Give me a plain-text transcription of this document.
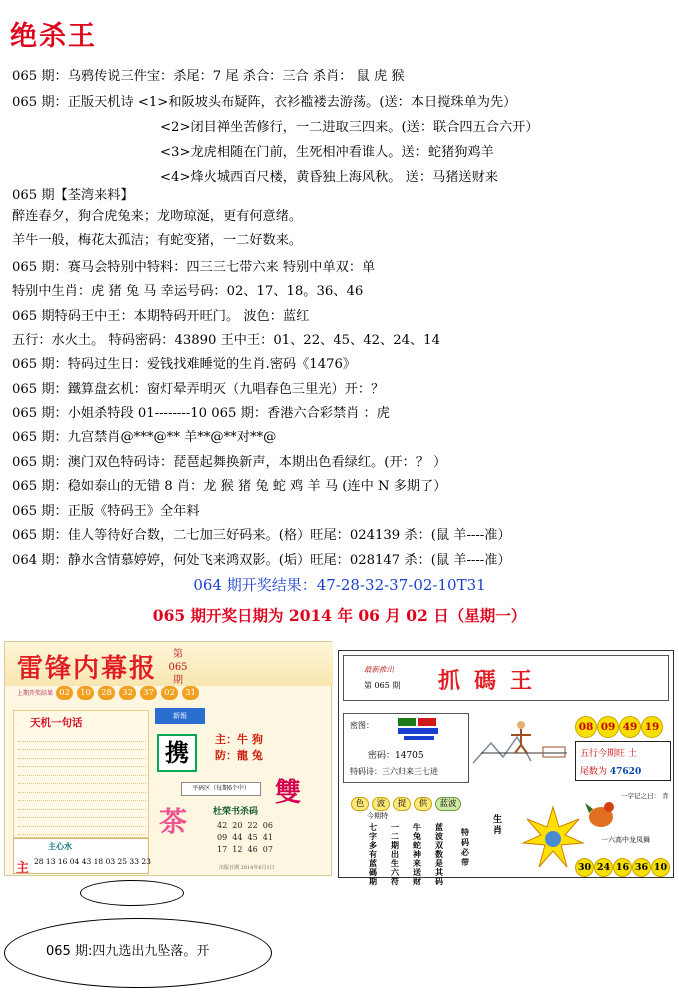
绝杀王
065 期：乌鸦传说三件宝：杀尾：7 尾 杀合：三合 杀肖： 鼠 虎 猴
065 期：正版天机诗 <1>和阪坡头布疑阵，衣衫褴褛去游荡。(送：本日搅珠单为先）
<2>闭目禅坐苦修行，一二进取三四来。(送：联合四五合六开）
<3>龙虎相随在门前，生死相冲看谁人。送：蛇猪狗鸡羊
<4>烽火城西百尺楼，黄昏独上海风秋。 送：马猪送财来
065 期【荃湾来料】
醉连春夕，狗合虎兔来；龙吻琼涎，更有何意绪。
羊牛一般，梅花太孤洁；有蛇变猪，一二好数来。
065 期：赛马会特别中特料：四三三七带六来 特别中单双：单
特别中生肖：虎 猪 兔 马 幸运号码：02、17、18。36、46
065 期特码王中王：本期特码开旺门。 波色：蓝红
五行：水火土。 特码密码：43890 王中王：01、22、45、42、24、14
065 期：特码过生日：爱钱找难睡觉的生肖.密码《1476》
065 期：鐵算盘玄机：窗灯晕弄明灭（九唱春色三里光）开：？
065 期：小姐杀特段 01--------10 065 期：香港六合彩禁肖 ：虎
065 期：九宫禁肖@***@** 羊**@**对**@
065 期：澳门双色特码诗：琵琶起舞换新声，本期出色看绿红。(开：？ ）
065 期：稳如泰山的无错 8 肖：龙 猴 猪 兔 蛇 鸡 羊 马 (连中 N 多期了）
065 期：正版《特码王》全年料
065 期：佳人等待好合数，二七加三好码来。(格）旺尾：024139 杀：(鼠 羊----准）
064 期：静水含情慕婷婷，何处飞来鸿双影。(垢）旺尾：028147 杀：(鼠 羊----准）
064 期开奖结果：47-28-32-37-02-10T31
065 期开奖日期为 2014 年 06 月 02 日（星期一）
雷锋内幕报	第065期
上期开奖结果 02 10 28 32 37 02 31
天机一句话
主心水
主 28 13 16 04 43 18 03 25 33 23
新報
携	主：牛 狗
防：龍 兔
平码区（每期6个中） 雙
茶	杜荣书杀码
42  20  22  06
09  44  45  41
17  12  46  07
出版日期 2014年6月1日
最新推出
第 065 期 抓碼王
密图：
密码：14705
特码诗：三六归来三七进
08 09 49 19
五行今期旺 土
尾数为 47620
色 波 提 供 蓝波
今期特
七字多有蓝碼期
一二期出生六符
牛兔蛇神来送财
蓝波双数是其码
特码必带
生肖
一字记之曰： 肯
一六高中龙凤舞
30 24 16 36 10
065 期:四九选出九坠落。开
